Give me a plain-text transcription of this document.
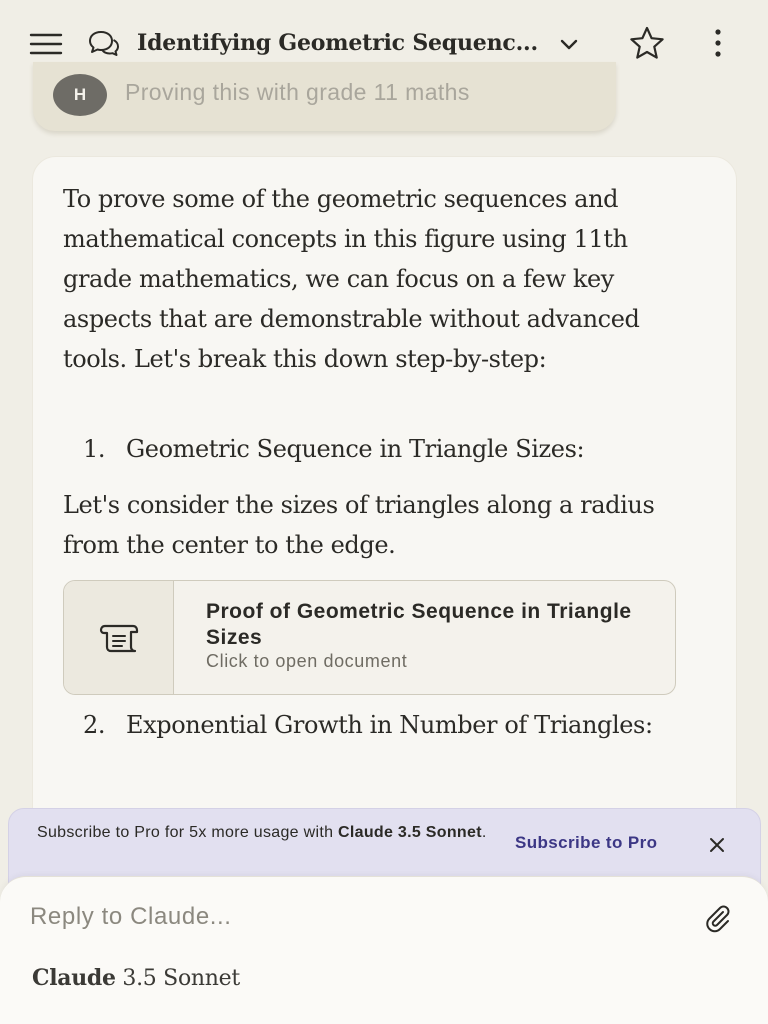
Identifying Geometric Sequenc...
H	Proving this with grade 11 maths

To prove some of the geometric sequences and mathematical concepts in this figure using 11th grade mathematics, we can focus on a few key aspects that are demonstrable without advanced tools. Let's break this down step-by-step:

1. Geometric Sequence in Triangle Sizes:

Let's consider the sizes of triangles along a radius from the center to the edge.

Proof of Geometric Sequence in Triangle Sizes
Click to open document
2. Exponential Growth in Number of Triangles:
Subscribe to Pro for 5x more usage with Claude 3.5 Sonnet.
Subscribe to Pro
Reply to Claude...
Claude 3.5 Sonnet
